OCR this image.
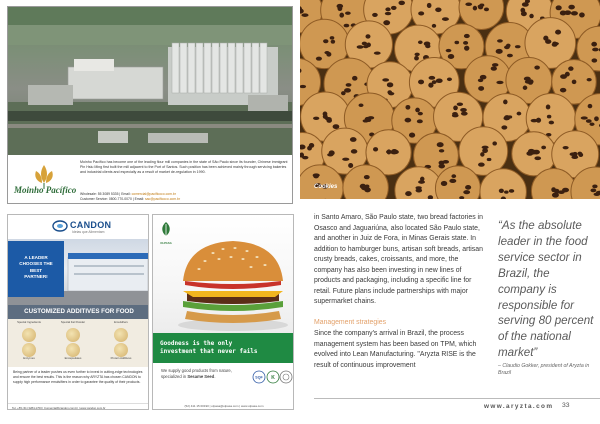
Moinho Pacífico
Moinho Pacífico has become one of the leading flour mill companies in the state of São Paulo since its founder, Chinese immigrant Pin Hsiu Ming first built the mill adjacent to the Port of Santos. Such position has been achieved mainly through servicing bakeries and industrial clients and especially as a result of market de-regulation in 1990.
Wholesale: 55 3089 5335 | Email: comercial@pacificoco.com.br
Customer Service: 0800-770-0070 | Email: sac@pacificoco.com.br
Cookies
CANDON
Ideias que Alimentam
A LEADER
CHOOSES THE
BEST
PARTNER!
CUSTOMIZED ADDITIVES FOR FOOD
Special Ingredients	Special Fat Powder	Emulsifiers
Enzymes	Encapsulates	Protein Additives
Being partner of a leader pushes us even further to invest in cutting-edge technologies and ensure the best results. This is the reason why ARYZTA has chosen CANDON to supply high performance emulsifiers in order to garantee the quality of their products.
Tel. +55 (41) 3284-1700 | Comercial@candon.com.br | www.candon.com.br
OLPASA
Goodness is the only
investment that never fails
We supply good products from nature,
specialized in Sesame Seed.	SQF K
(52) 411 15 00190 | olpasa@olpasa.com | www.olpasa.com

in Santo Amaro, São Paulo state, two bread factories in Osasco and Jaguariúna, also located São Paulo state, and another in Juiz de Fora, in Minas Gerais state. In addition to hamburger buns, artisan soft breads, artisan crusty breads, cakes, croissants, and more, the company has also been investing in new lines of products and packaging, including a specific line for retail. Future plans include partnerships with major supermarket chains.

Management strategies

Since the company's arrival in Brazil, the process management system has been based on TPM, which evolved into Lean Manufacturing. "Aryzta RISE is the result of continuous improvement

“As the absolute leader in the food service sector in Brazil, the company is responsible for serving 80 percent of the national market”
– Claudio Gokker, president of Aryzta in Brazil
www.aryzta.com 33
